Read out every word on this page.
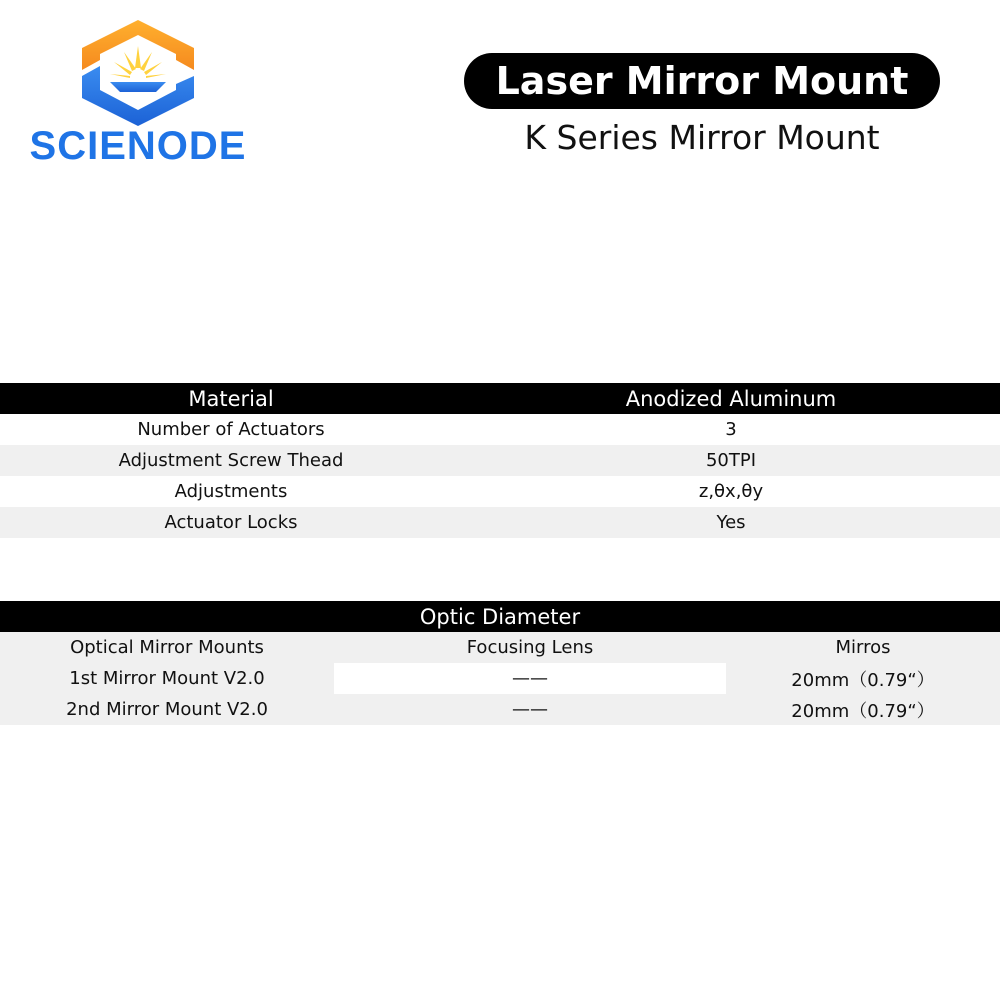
SCIENODE
Laser Mirror Mount
K Series Mirror Mount
Material	Anodized Aluminum
Number of Actuators	3
Adjustment Screw Thead	50TPI
Adjustments	z,θx,θy
Actuator Locks	Yes
Optic Diameter
Optical Mirror Mounts	Focusing Lens	Mirros
1st Mirror Mount V2.0	——	20mm（0.79“）
2nd Mirror Mount V2.0	——	20mm（0.79“）
